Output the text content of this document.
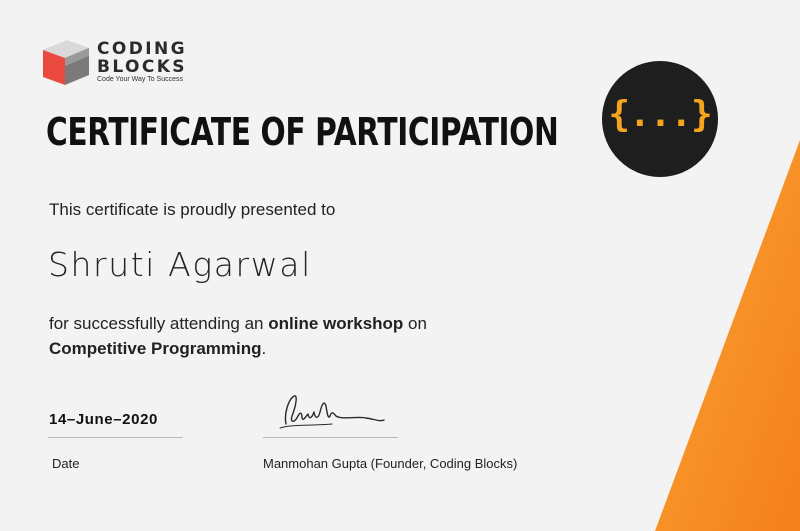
CODING
BLOCKS
Code Your Way To Success
{...}
CERTIFICATE OF PARTICIPATION
This certificate is proudly presented to
Shruti Agarwal
for successfully attending an online workshop on
Competitive Programming.
14–June–2020
Date	Manmohan Gupta (Founder, Coding Blocks)
